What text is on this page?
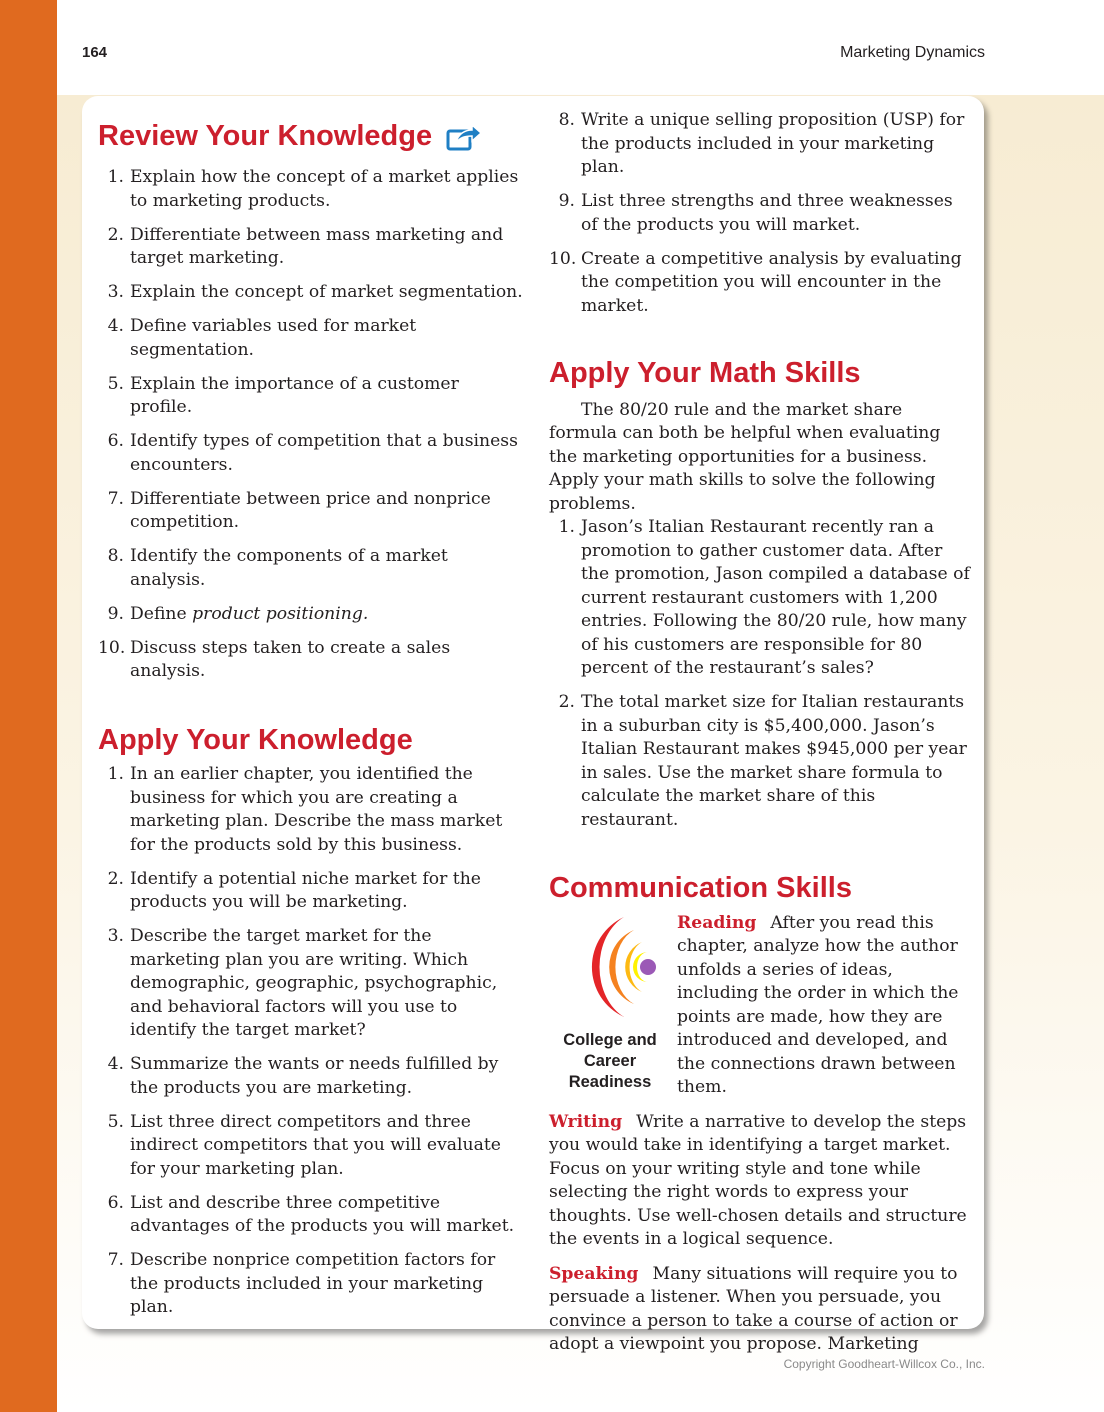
164	Marketing Dynamics
Review Your Knowledge
1. Explain how the concept of a market applies to marketing products.
2. Differentiate between mass marketing and target marketing.
3. Explain the concept of market segmentation.
4. Define variables used for market segmentation.
5. Explain the importance of a customer profile.
6. Identify types of competition that a business encounters.
7. Differentiate between price and nonprice competition.
8. Identify the components of a market analysis.
9. Define product positioning.
10. Discuss steps taken to create a sales analysis.
Apply Your Knowledge
1. In an earlier chapter, you identified the business for which you are creating a marketing plan. Describe the mass market for the products sold by this business.
2. Identify a potential niche market for the products you will be marketing.
3. Describe the target market for the marketing plan you are writing. Which demographic, geographic, psychographic, and behavioral factors will you use to identify the target market?
4. Summarize the wants or needs fulfilled by the products you are marketing.
5. List three direct competitors and three indirect competitors that you will evaluate for your marketing plan.
6. List and describe three competitive advantages of the products you will market.
7. Describe nonprice competition factors for the products included in your marketing plan.
8. Write a unique selling proposition (USP) for the products included in your marketing plan.
9. List three strengths and three weaknesses of the products you will market.
10. Create a competitive analysis by evaluating the competition you will encounter in the market.
Apply Your Math Skills

The 80/20 rule and the market share formula can both be helpful when evaluating the marketing opportunities for a business. Apply your math skills to solve the following problems.

1. Jason’s Italian Restaurant recently ran a promotion to gather customer data. After the promotion, Jason compiled a database of current restaurant customers with 1,200 entries. Following the 80/20 rule, how many of his customers are responsible for 80 percent of the restaurant’s sales?
2. The total market size for Italian restaurants in a suburban city is $5,400,000. Jason’s Italian Restaurant makes $945,000 per year in sales. Use the market share formula to calculate the market share of this restaurant.
Communication Skills
College and Career Readiness

Reading After you read this chapter, analyze how the author unfolds a series of ideas, including the order in which the points are made, how they are introduced and developed, and the connections drawn between them.

Writing Write a narrative to develop the steps you would take in identifying a target market. Focus on your writing style and tone while selecting the right words to express your thoughts. Use well-chosen details and structure the events in a logical sequence.

Speaking Many situations will require you to persuade a listener. When you persuade, you convince a person to take a course of action or adopt a viewpoint you propose. Marketing

Copyright Goodheart-Willcox Co., Inc.
